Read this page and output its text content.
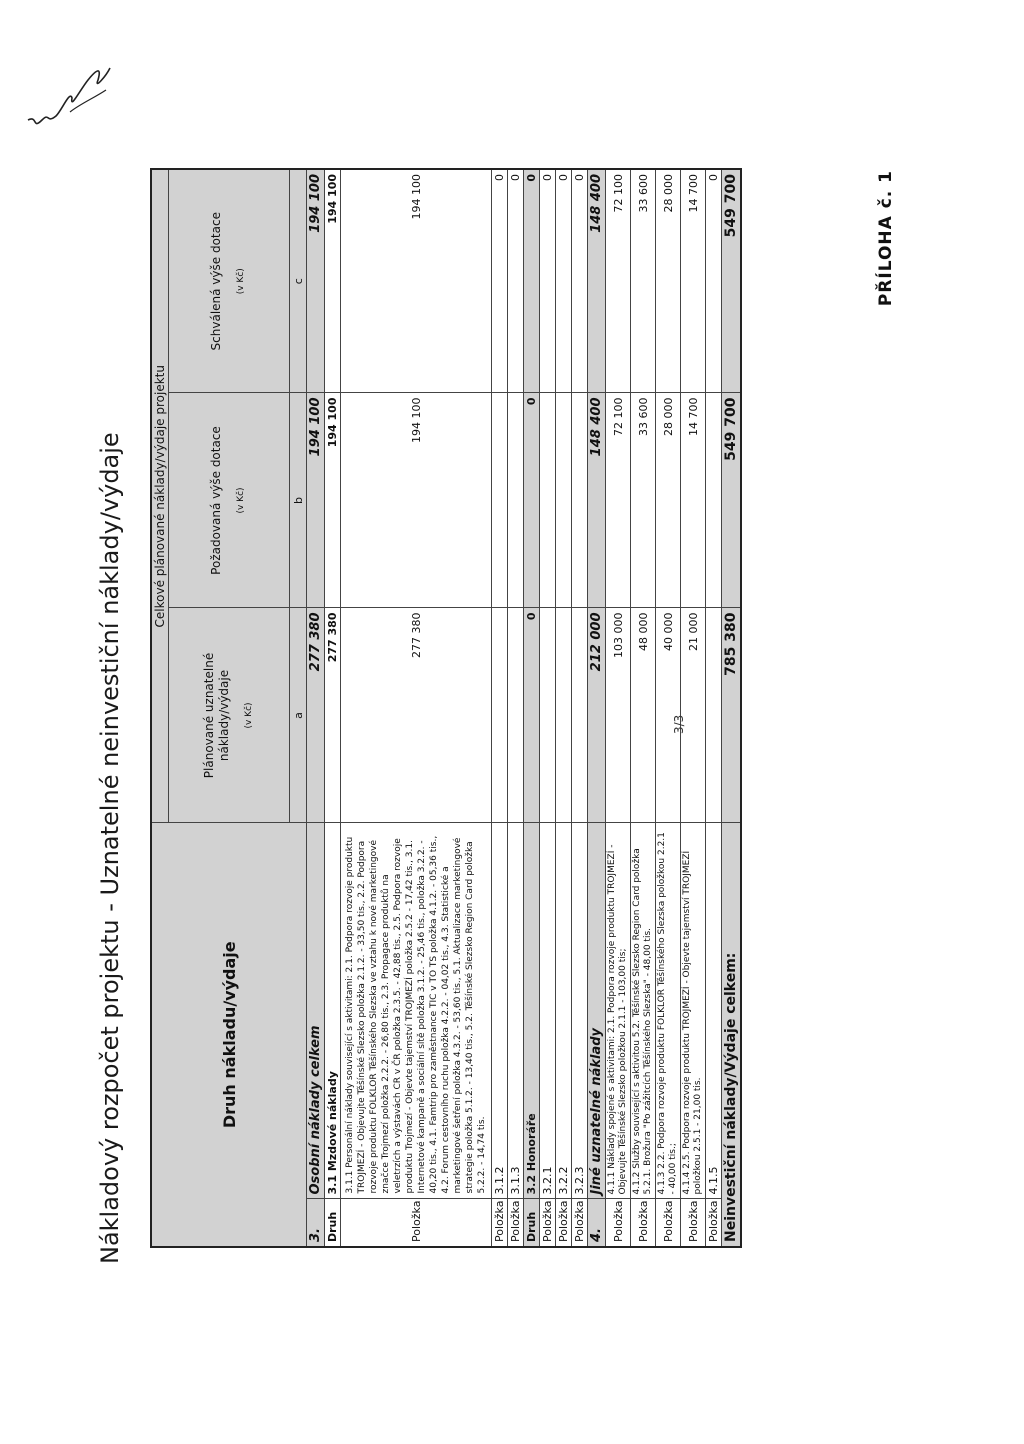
PŘÍLOHA č. 1
Nákladový rozpočet projektu - Uznatelné neinvestiční náklady/výdaje	Druh nákladu/výdaje		Celkové plánované náklady/výdaje projektu		
		Plánované uznatelné náklady/výdaje (v Kč)	Požadovaná výše dotace (v Kč)	Schválená výše dotace (v Kč)

		a	b	c
3.	Osobní náklady celkem	277 380	194 100	194 100
Druh	3.1 Mzdové náklady	277 380	194 100	194 100
Položka	3.1.1 Personální náklady související s aktivitami: 2.1. Podpora rozvoje produktu TROJMEZÍ - Objevujte Těšínské Slezsko položka 2.1.2. - 33,50 tis., 2.2. Podpora rozvoje produktu FOLKLOR Těšínského Slezska ve vztahu k nové marketingové značce Trojmezí položka 2.2.2. - 26,80 tis., 2.3. Propagace produktů na veletrzích a výstavách CR v ČR položka 2.3.5. - 42,88 tis., 2.5. Podpora rozvoje produktu Trojmezí - Objevte tajemství TROJMEZÍ položka 2.5.2 - 17,42 tis., 3.1. Internetové kampaně a sociální sítě položka 3.1.2. - 25,46 tis., položka 3.2.2. - 40,20 tis., 4.1. Famtrip pro zaměstnance TIC v TO TS položka 4.1.2. - 05,36 tis., 4.2. Forum cestovního ruchu položka 4.2.2. - 04,02 tis., 4.3. Statistické a marketingové šetření položka 4.3.2. - 53,60 tis., 5.1. Aktualizace marketingové strategie položka 5.1.2. - 13,40 tis., 5.2. Těšínské Slezsko Region Card položka 5.2.2. - 14,74 tis.	277 380	194 100	194 100
Položka	3.1.2			0
Položka	3.1.3			0
Druh	3.2 Honoráře	0	0	0
Položka	3.2.1			0
Položka	3.2.2			0
Položka	3.2.3			0
4.	Jiné uznatelné náklady	212 000	148 400	148 400
Položka	4.1.1 Náklady spojené s aktivitami: 2.1. Podpora rozvoje produktu TROJMEZÍ - Objevujte Těšínské Slezsko položkou 2.1.1 - 103,00 tis;	103 000	72 100	72 100
Položka	4.1.2 Služby související s aktivitou 5.2. Těšínské Slezsko Region Card položka 5.2.1. Brožura "Po zážitcích Těšínského Slezska" - 48,00 tis.	48 000	33 600	33 600
Položka	4.1.3 2.2. Podpora rozvoje produktu FOLKLOR Těšínského Slezska položkou 2.2.1 - 40,00 tis.;	40 000	28 000	28 000
Položka	4.1.4 2.5. Podpora rozvoje produktu TROJMEZÍ - Objevte tajemství TROJMEZÍ položkou 2.5.1 - 21,00 tis.	21 000	14 700	14 700
Položka	4.1.5			0
Neinvestiční náklady/Výdaje celkem:		785 380	549 700	549 700
3/3
